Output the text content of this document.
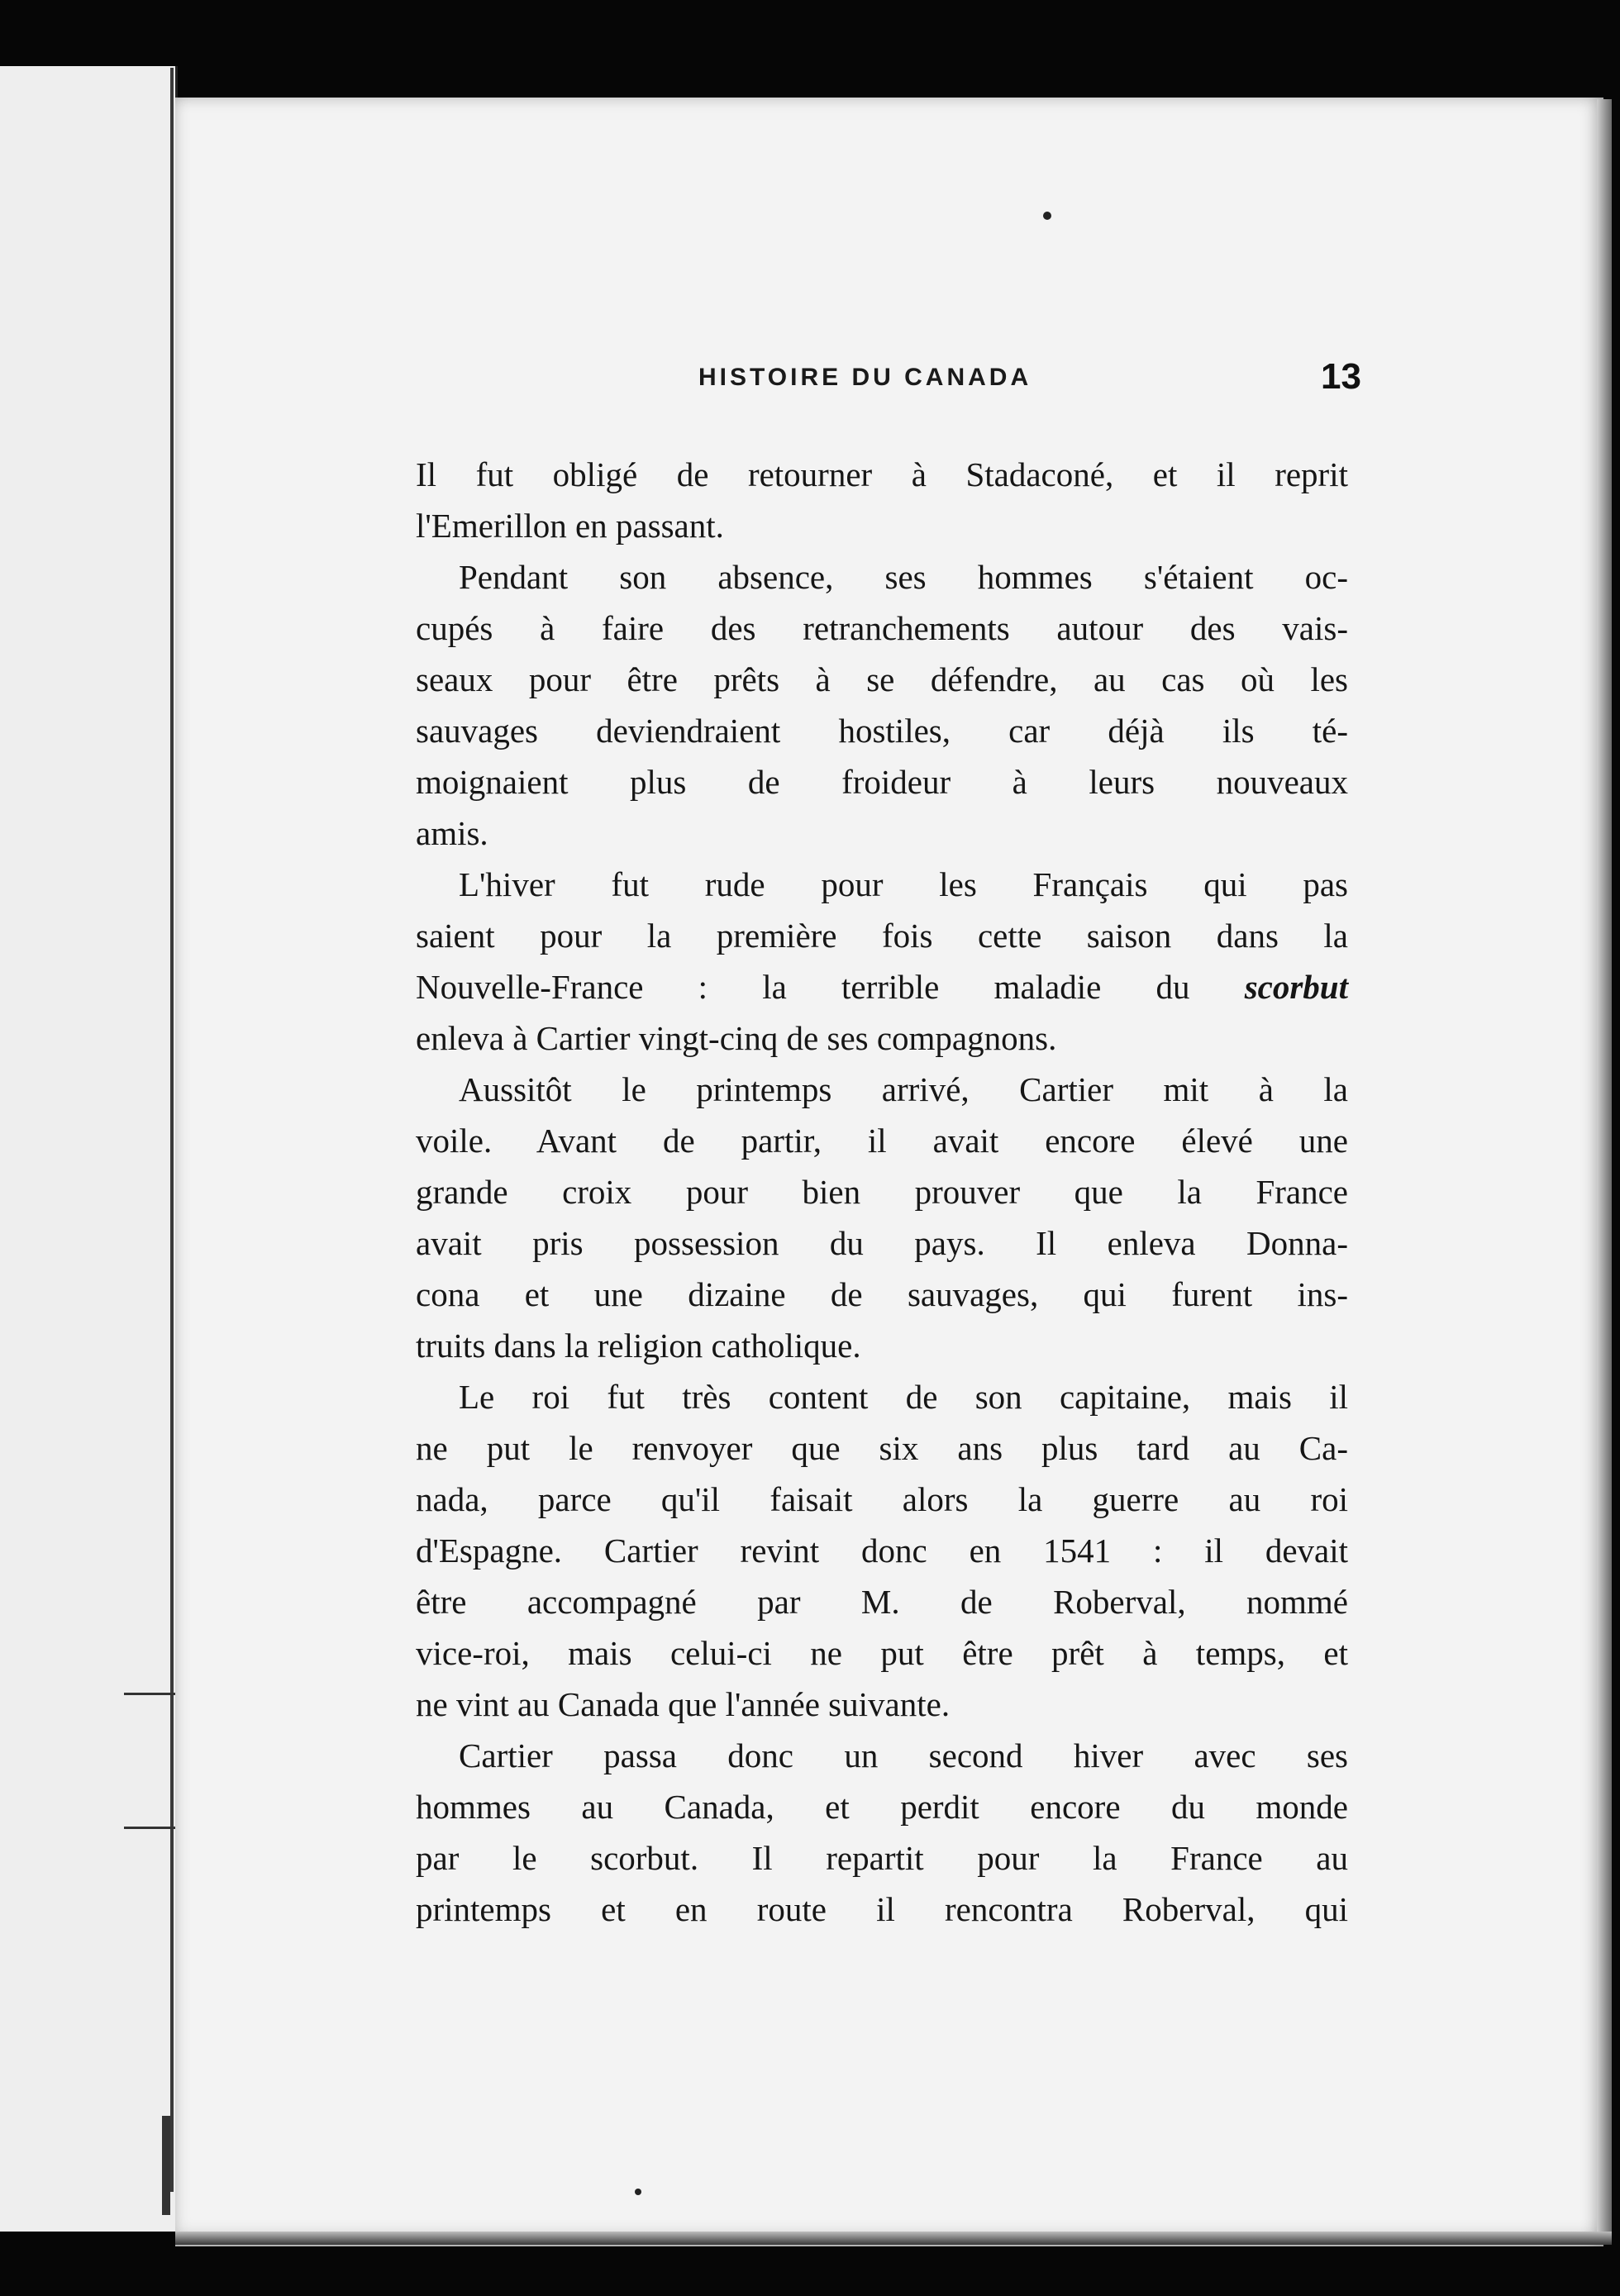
HISTOIRE DU CANADA	13
Il fut obligé de retourner à Stadaconé, et il reprit
l'Emerillon en passant.
Pendant son absence, ses hommes s'étaient oc-
cupés à faire des retranchements autour des vais-
seaux pour être prêts à se défendre, au cas où les
sauvages deviendraient hostiles, car déjà ils té-
moignaient plus de froideur à leurs nouveaux
amis.
L'hiver fut rude pour les Français qui pas
saient pour la première fois cette saison dans la
Nouvelle-France : la terrible maladie du scorbut
enleva à Cartier vingt-cinq de ses compagnons.
Aussitôt le printemps arrivé, Cartier mit à la
voile. Avant de partir, il avait encore élevé une
grande croix pour bien prouver que la France
avait pris possession du pays. Il enleva Donna-
cona et une dizaine de sauvages, qui furent ins-
truits dans la religion catholique.
Le roi fut très content de son capitaine, mais il
ne put le renvoyer que six ans plus tard au Ca-
nada, parce qu'il faisait alors la guerre au roi
d'Espagne. Cartier revint donc en 1541 : il devait
être accompagné par M. de Roberval, nommé
vice-roi, mais celui-ci ne put être prêt à temps, et
ne vint au Canada que l'année suivante.
Cartier passa donc un second hiver avec ses
hommes au Canada, et perdit encore du monde
par le scorbut. Il repartit pour la France au
printemps et en route il rencontra Roberval, qui
